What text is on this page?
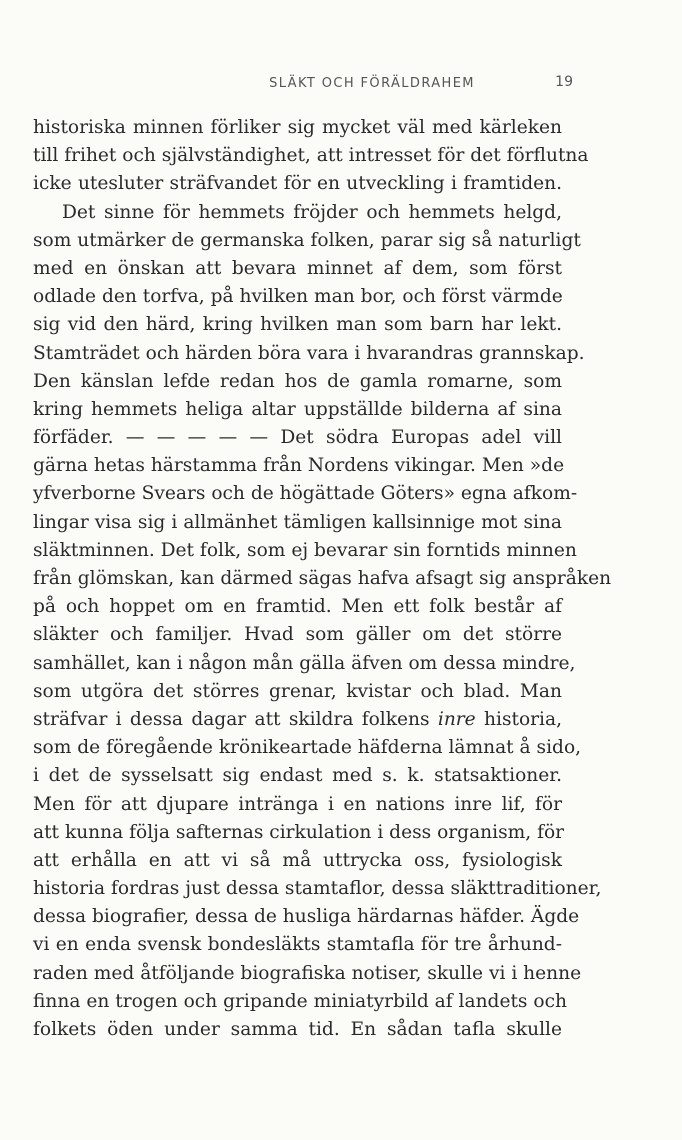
SLÄKT OCH FÖRÄLDRAHEM	19
historiska minnen förliker sig mycket väl med kärleken
till frihet och självständighet, att intresset för det förflutna
icke utesluter sträfvandet för en utveckling i framtiden.
Det sinne för hemmets fröjder och hemmets helgd,
som utmärker de germanska folken, parar sig så naturligt
med en önskan att bevara minnet af dem, som först
odlade den torfva, på hvilken man bor, och först värmde
sig vid den härd, kring hvilken man som barn har lekt.
Stamträdet och härden böra vara i hvarandras grannskap.
Den känslan lefde redan hos de gamla romarne, som
kring hemmets heliga altar uppställde bilderna af sina
förfäder. — — — — — Det södra Europas adel vill
gärna hetas härstamma från Nordens vikingar. Men »de
yfverborne Svears och de högättade Göters» egna afkom-
lingar visa sig i allmänhet tämligen kallsinnige mot sina
släktminnen. Det folk, som ej bevarar sin forntids minnen
från glömskan, kan därmed sägas hafva afsagt sig anspråken
på och hoppet om en framtid. Men ett folk består af
släkter och familjer. Hvad som gäller om det större
samhället, kan i någon mån gälla äfven om dessa mindre,
som utgöra det störres grenar, kvistar och blad. Man
sträfvar i dessa dagar att skildra folkens inre historia,
som de föregående krönikeartade häfderna lämnat å sido,
i det de sysselsatt sig endast med s. k. statsaktioner.
Men för att djupare intränga i en nations inre lif, för
att kunna följa safternas cirkulation i dess organism, för
att erhålla en att vi så må uttrycka oss, fysiologisk
historia fordras just dessa stamtaflor, dessa släkttraditioner,
dessa biografier, dessa de husliga härdarnas häfder. Ägde
vi en enda svensk bondesläkts stamtafla för tre århund-
raden med åtföljande biografiska notiser, skulle vi i henne
finna en trogen och gripande miniatyrbild af landets och
folkets öden under samma tid. En sådan tafla skulle
